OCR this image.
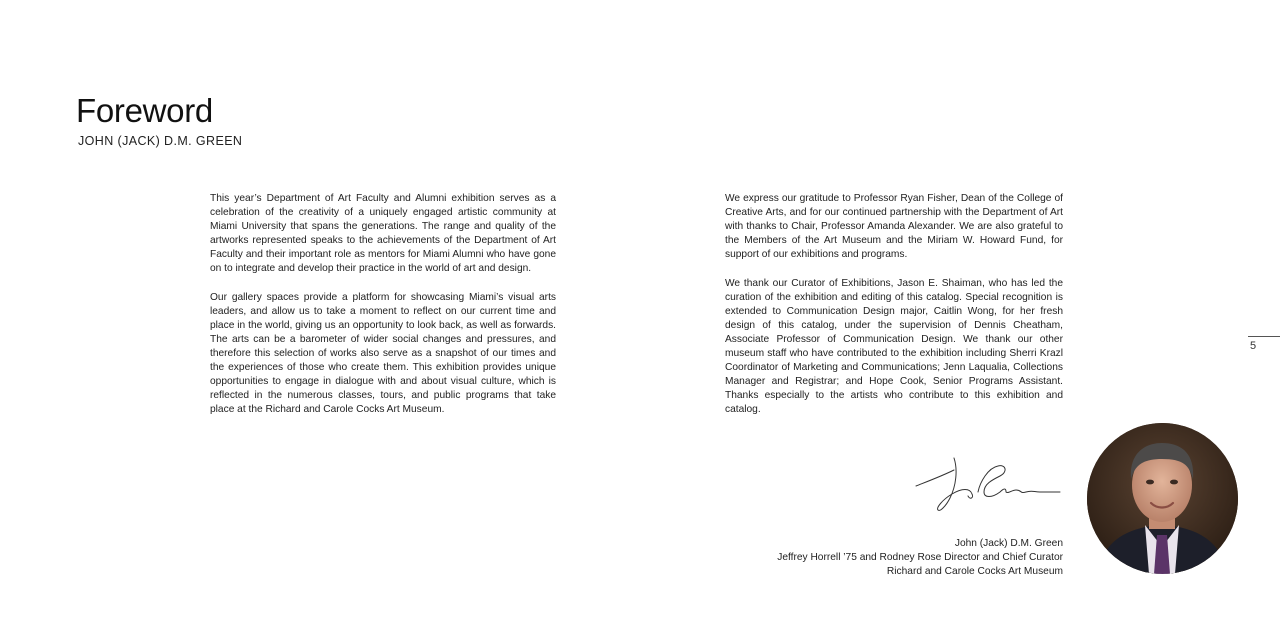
Foreword
JOHN (JACK) D.M. GREEN

This year’s Department of Art Faculty and Alumni exhibition serves as a celebration of the creativity of a uniquely engaged artistic community at Miami University that spans the generations. The range and quality of the artworks represented speaks to the achievements of the Department of Art Faculty and their important role as mentors for Miami Alumni who have gone on to integrate and develop their practice in the world of art and design.

Our gallery spaces provide a platform for showcasing Miami’s visual arts leaders, and allow us to take a moment to reflect on our current time and place in the world, giving us an opportunity to look back, as well as forwards. The arts can be a barometer of wider social changes and pressures, and therefore this selection of works also serve as a snapshot of our times and the experiences of those who create them. This exhibition provides unique opportunities to engage in dialogue with and about visual culture, which is reflected in the numerous classes, tours, and public programs that take place at the Richard and Carole Cocks Art Museum.

We express our gratitude to Professor Ryan Fisher, Dean of the College of Creative Arts, and for our continued partnership with the Department of Art with thanks to Chair, Professor Amanda Alexander. We are also grateful to the Members of the Art Museum and the Miriam W. Howard Fund, for support of our exhibitions and programs.

We thank our Curator of Exhibitions, Jason E. Shaiman, who has led the curation of the exhibition and editing of this catalog. Special recognition is extended to Communication Design major, Caitlin Wong, for her fresh design of this catalog, under the supervision of Dennis Cheatham, Associate Professor of Communication Design. We thank our other museum staff who have contributed to the exhibition including Sherri Krazl Coordinator of Marketing and Communications; Jenn Laqualia, Collections Manager and Registrar; and Hope Cook, Senior Programs Assistant. Thanks especially to the artists who contribute to this exhibition and catalog.

5
John (Jack) D.M. Green
Jeffrey Horrell ’75 and Rodney Rose Director and Chief Curator
Richard and Carole Cocks Art Museum
